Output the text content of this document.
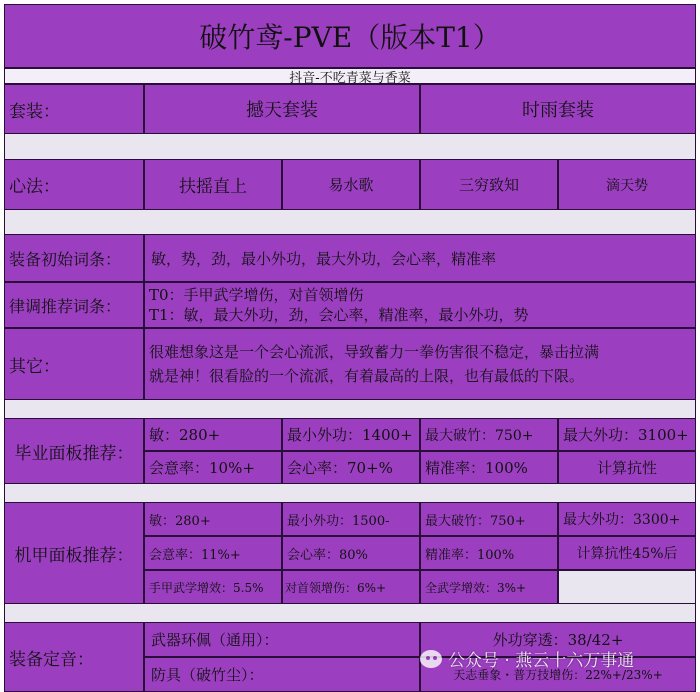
破竹鸢-PVE（版本T1）
抖音-不吃青菜与香菜
套装：	撼天套装	时雨套装
心法：	扶摇直上	易水歌	三穷致知	滴天势
装备初始词条：	敏，势，劲，最小外功，最大外功，会心率，精准率
律调推荐词条：
T0：手甲武学增伤，对首领增伤
T1：敏，最大外功，劲，会心率，精准率，最小外功，势
其它：
很难想象这是一个会心流派，导致蓄力一拳伤害很不稳定，暴击拉满
就是神！很看脸的一个流派，有着最高的上限，也有最低的下限。
毕业面板推荐：
敏：280+	最小外功：1400+ 最大破竹：750+	最大外功：3100+
会意率：10%+	会心率：70+%	精准率：100%	计算抗性
机甲面板推荐：
敏：280+	最小外功：1500-	最大破竹：750+	最大外功：3300+
会意率：11%+	会心率：80%	精准率：100%	计算抗性45%后
手甲武学增效：5.5%	对首领增伤：6%+	全武学增效：3%+
装备定音：
武器环佩（通用）：	外功穿透：38/42+
防具（破竹尘）：	天志垂象・普万技增伤：22%+/23%+
公众号 · 燕云十六万事通
